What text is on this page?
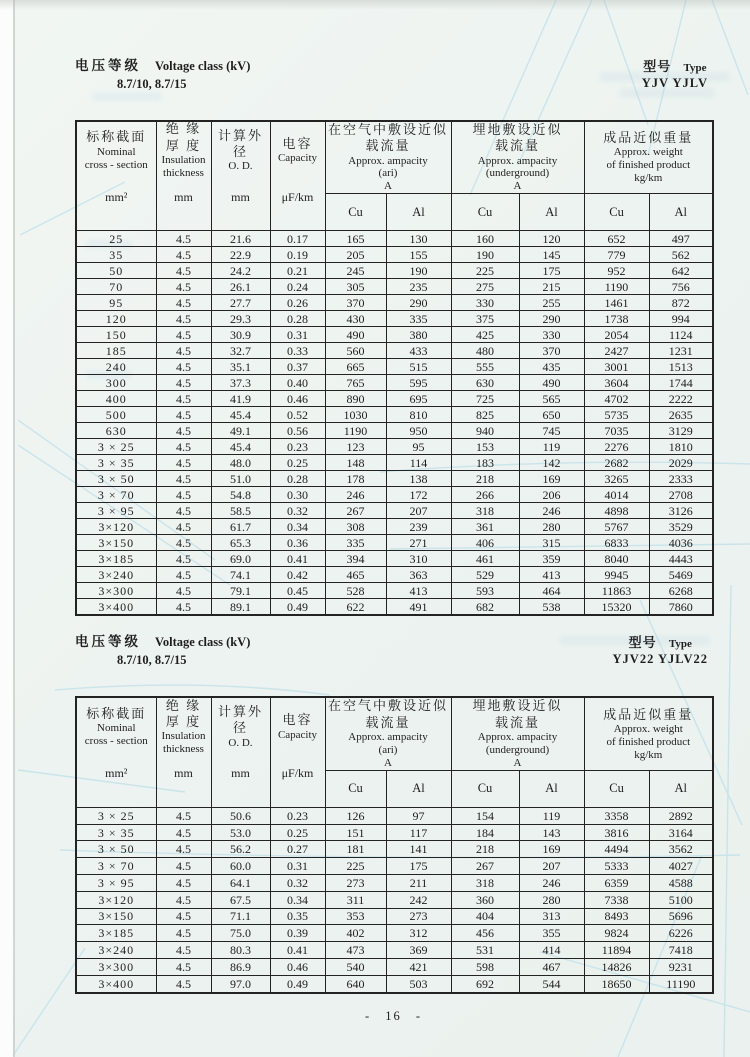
电压等级 Voltage class (kV)
8.7/10, 8.7/15
型号 Type
YJV YJLV
标称截面
Nominal
cross - section
mm²

绝 缘
厚 度
Insulation
thickness
mm

计算外径
O. D.
mm

电容
Capacity
μF/km

在空气中敷设近似
载流量
Approx. ampacity
(ari)
A

埋地敷设近似
载流量
Approx. ampacity
(underground)
A

成品近似重量
Approx. weight
of finished product
kg/km

				Cu	Al	Cu	Al	Cu	Al
25	4.5	21.6	0.17	165	130	160	120	652	497
35	4.5	22.9	0.19	205	155	190	145	779	562
50	4.5	24.2	0.21	245	190	225	175	952	642
70	4.5	26.1	0.24	305	235	275	215	1190	756
95	4.5	27.7	0.26	370	290	330	255	1461	872
120	4.5	29.3	0.28	430	335	375	290	1738	994
150	4.5	30.9	0.31	490	380	425	330	2054	1124
185	4.5	32.7	0.33	560	433	480	370	2427	1231
240	4.5	35.1	0.37	665	515	555	435	3001	1513
300	4.5	37.3	0.40	765	595	630	490	3604	1744
400	4.5	41.9	0.46	890	695	725	565	4702	2222
500	4.5	45.4	0.52	1030	810	825	650	5735	2635
630	4.5	49.1	0.56	1190	950	940	745	7035	3129
3 × 25	4.5	45.4	0.23	123	95	153	119	2276	1810
3 × 35	4.5	48.0	0.25	148	114	183	142	2682	2029
3 × 50	4.5	51.0	0.28	178	138	218	169	3265	2333
3 × 70	4.5	54.8	0.30	246	172	266	206	4014	2708
3 × 95	4.5	58.5	0.32	267	207	318	246	4898	3126
3×120	4.5	61.7	0.34	308	239	361	280	5767	3529
3×150	4.5	65.3	0.36	335	271	406	315	6833	4036
3×185	4.5	69.0	0.41	394	310	461	359	8040	4443
3×240	4.5	74.1	0.42	465	363	529	413	9945	5469
3×300	4.5	79.1	0.45	528	413	593	464	11863	6268
3×400	4.5	89.1	0.49	622	491	682	538	15320	7860
电压等级 Voltage class (kV)
8.7/10, 8.7/15
型号 Type
YJV22 YJLV22
标称截面
Nominal
cross - section
mm²

绝 缘
厚 度
Insulation
thickness
mm

计算外径
O. D.
mm

电容
Capacity
μF/km

在空气中敷设近似
载流量
Approx. ampacity
(ari)
A

埋地敷设近似
载流量
Approx. ampacity
(underground)
A

成品近似重量
Approx. weight
of finished product
kg/km

				Cu	Al	Cu	Al	Cu	Al
3 × 25	4.5	50.6	0.23	126	97	154	119	3358	2892
3 × 35	4.5	53.0	0.25	151	117	184	143	3816	3164
3 × 50	4.5	56.2	0.27	181	141	218	169	4494	3562
3 × 70	4.5	60.0	0.31	225	175	267	207	5333	4027
3 × 95	4.5	64.1	0.32	273	211	318	246	6359	4588
3×120	4.5	67.5	0.34	311	242	360	280	7338	5100
3×150	4.5	71.1	0.35	353	273	404	313	8493	5696
3×185	4.5	75.0	0.39	402	312	456	355	9824	6226
3×240	4.5	80.3	0.41	473	369	531	414	11894	7418
3×300	4.5	86.9	0.46	540	421	598	467	14826	9231
3×400	4.5	97.0	0.49	640	503	692	544	18650	11190
- 16 -
